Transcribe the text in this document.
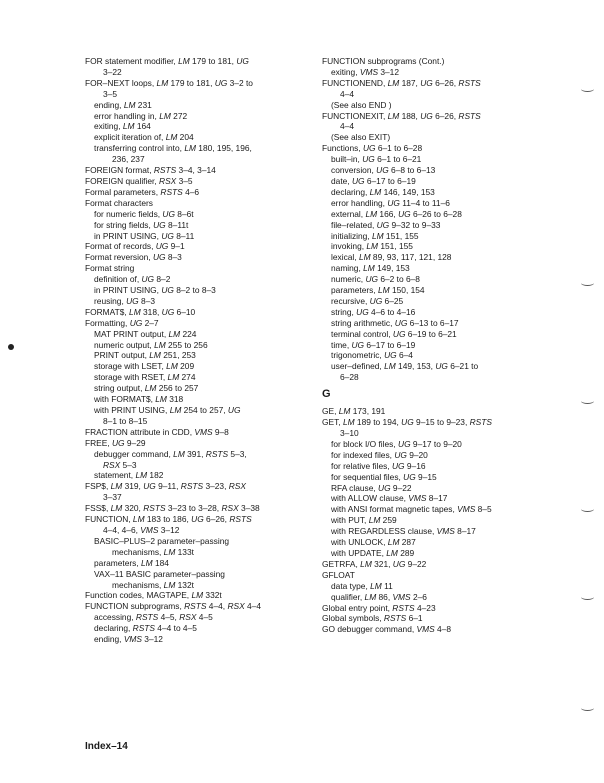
FOR statement modifier, LM 179 to 181, UG
3–22
FOR–NEXT loops, LM 179 to 181, UG 3–2 to
3–5
ending, LM 231
error handling in, LM 272
exiting, LM 164
explicit iteration of, LM 204
transferring control into, LM 180, 195, 196,
236, 237
FOREIGN format, RSTS 3–4, 3–14
FOREIGN qualifier, RSX 3–5
Formal parameters, RSTS 4–6
Format characters
for numeric fields, UG 8–6t
for string fields, UG 8–11t
in PRINT USING, UG 8–11
Format of records, UG 9–1
Format reversion, UG 8–3
Format string
definition of, UG 8–2
in PRINT USING, UG 8–2 to 8–3
reusing, UG 8–3
FORMAT$, LM 318, UG 6–10
Formatting, UG 2–7
MAT PRINT output, LM 224
numeric output, LM 255 to 256
PRINT output, LM 251, 253
storage with LSET, LM 209
storage with RSET, LM 274
string output, LM 256 to 257
with FORMAT$, LM 318
with PRINT USING, LM 254 to 257, UG
8–1 to 8–15
FRACTION attribute in CDD, VMS 9–8
FREE, UG 9–29
debugger command, LM 391, RSTS 5–3,
RSX 5–3
statement, LM 182
FSP$, LM 319, UG 9–11, RSTS 3–23, RSX
3–37
FSS$, LM 320, RSTS 3–23 to 3–28, RSX 3–38
FUNCTION, LM 183 to 186, UG 6–26, RSTS
4–4, 4–6, VMS 3–12
BASIC–PLUS–2 parameter–passing
mechanisms, LM 133t
parameters, LM 184
VAX–11 BASIC parameter–passing
mechanisms, LM 132t
Function codes, MAGTAPE, LM 332t
FUNCTION subprograms, RSTS 4–4, RSX 4–4
accessing, RSTS 4–5, RSX 4–5
declaring, RSTS 4–4 to 4–5
ending, VMS 3–12
FUNCTION subprograms (Cont.)
exiting, VMS 3–12
FUNCTIONEND, LM 187, UG 6–26, RSTS
4–4
(See also END )
FUNCTIONEXIT, LM 188, UG 6–26, RSTS
4–4
(See also EXIT)
Functions, UG 6–1 to 6–28
built–in, UG 6–1 to 6–21
conversion, UG 6–8 to 6–13
date, UG 6–17 to 6–19
declaring, LM 146, 149, 153
error handling, UG 11–4 to 11–6
external, LM 166, UG 6–26 to 6–28
file–related, UG 9–32 to 9–33
initializing, LM 151, 155
invoking, LM 151, 155
lexical, LM 89, 93, 117, 121, 128
naming, LM 149, 153
numeric, UG 6–2 to 6–8
parameters, LM 150, 154
recursive, UG 6–25
string, UG 4–6 to 4–16
string arithmetic, UG 6–13 to 6–17
terminal control, UG 6–19 to 6–21
time, UG 6–17 to 6–19
trigonometric, UG 6–4
user–defined, LM 149, 153, UG 6–21 to
6–28
G
GE, LM 173, 191
GET, LM 189 to 194, UG 9–15 to 9–23, RSTS
3–10
for block I/O files, UG 9–17 to 9–20
for indexed files, UG 9–20
for relative files, UG 9–16
for sequential files, UG 9–15
RFA clause, UG 9–22
with ALLOW clause, VMS 8–17
with ANSI format magnetic tapes, VMS 8–5
with PUT, LM 259
with REGARDLESS clause, VMS 8–17
with UNLOCK, LM 287
with UPDATE, LM 289
GETRFA, LM 321, UG 9–22
GFLOAT
data type, LM 11
qualifier, LM 86, VMS 2–6
Global entry point, RSTS 4–23
Global symbols, RSTS 6–1
GO debugger command, VMS 4–8
Index–14
